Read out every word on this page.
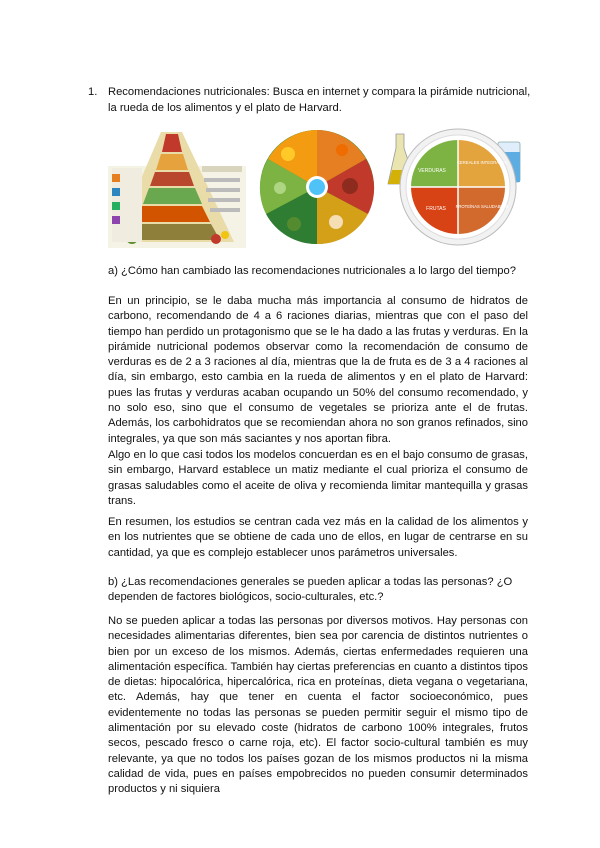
1. Recomendaciones nutricionales: Busca en internet y compara la pirámide nutricional, la rueda de los alimentos y el plato de Harvard.
VERDURAS
CEREALES INTEGRALES
FRUTAS PROTEÍNAS SALUDABLES
a) ¿Cómo han cambiado las recomendaciones nutricionales a lo largo del tiempo?
En un principio, se le daba mucha más importancia al consumo de hidratos de carbono, recomendando de 4 a 6 raciones diarias, mientras que con el paso del tiempo han perdido un protagonismo que se le ha dado a las frutas y verduras. En la pirámide nutricional podemos observar como la recomendación de consumo de verduras es de 2 a 3 raciones al día, mientras que la de fruta es de 3 a 4 raciones al día, sin embargo, esto cambia en la rueda de alimentos y en el plato de Harvard: pues las frutas y verduras acaban ocupando un 50% del consumo recomendado, y no solo eso, sino que el consumo de vegetales se prioriza ante el de frutas. Además, los carbohidratos que se recomiendan ahora no son granos refinados, sino integrales, ya que son más saciantes y nos aportan fibra.
Algo en lo que casi todos los modelos concuerdan es en el bajo consumo de grasas, sin embargo, Harvard establece un matiz mediante el cual prioriza el consumo de grasas saludables como el aceite de oliva y recomienda limitar mantequilla y grasas trans.
En resumen, los estudios se centran cada vez más en la calidad de los alimentos y en los nutrientes que se obtiene de cada uno de ellos, en lugar de centrarse en su cantidad, ya que es complejo establecer unos parámetros universales.
b) ¿Las recomendaciones generales se pueden aplicar a todas las personas? ¿O dependen de factores biológicos, socio-culturales, etc.?
No se pueden aplicar a todas las personas por diversos motivos. Hay personas con necesidades alimentarias diferentes, bien sea por carencia de distintos nutrientes o bien por un exceso de los mismos. Además, ciertas enfermedades requieren una alimentación específica. También hay ciertas preferencias en cuanto a distintos tipos de dietas: hipocalórica, hipercalórica, rica en proteínas, dieta vegana o vegetariana, etc. Además, hay que tener en cuenta el factor socioeconómico, pues evidentemente no todas las personas se pueden permitir seguir el mismo tipo de alimentación por su elevado coste (hidratos de carbono 100% integrales, frutos secos, pescado fresco o carne roja, etc). El factor socio-cultural también es muy relevante, ya que no todos los países gozan de los mismos productos ni la misma calidad de vida, pues en países empobrecidos no pueden consumir determinados productos y ni siquiera
